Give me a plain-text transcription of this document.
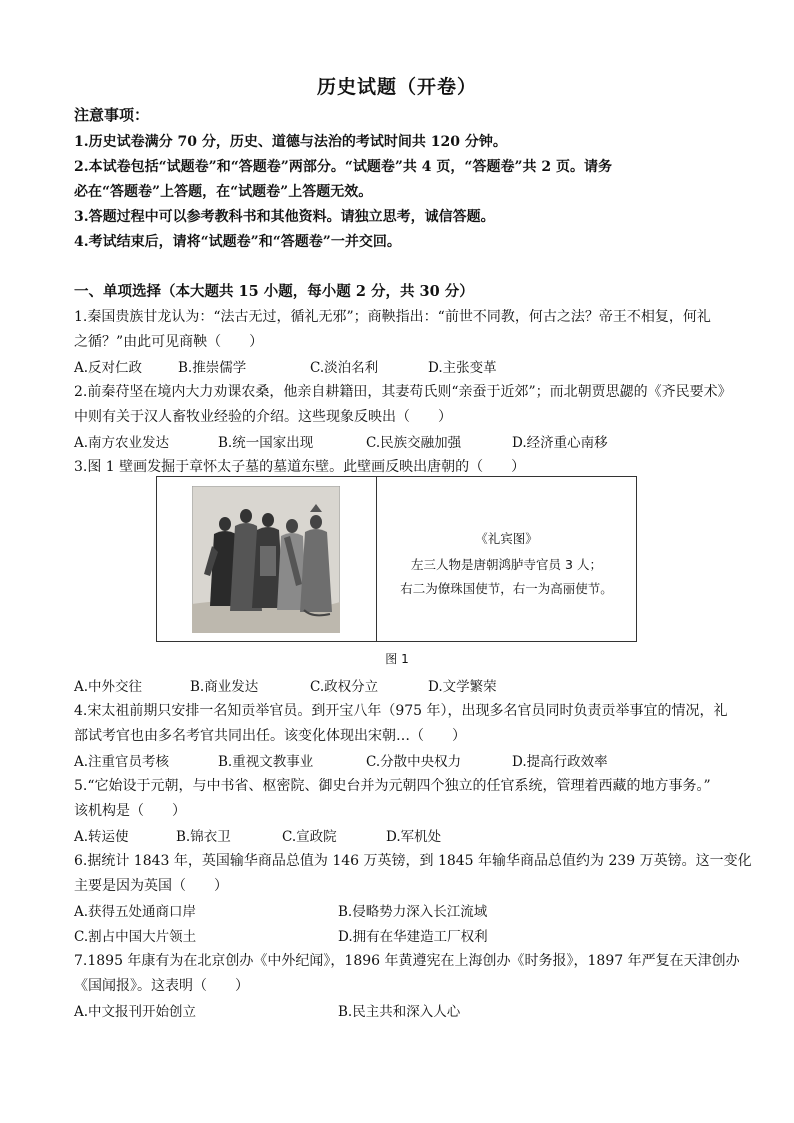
历史试题（开卷）
注意事项：
1.历史试卷满分 70 分，历史、道德与法治的考试时间共 120 分钟。
2.本试卷包括“试题卷”和“答题卷”两部分。“试题卷”共 4 页，“答题卷”共 2 页。请务
必在“答题卷”上答题，在“试题卷”上答题无效。
3.答题过程中可以参考教科书和其他资料。请独立思考，诚信答题。
4.考试结束后，请将“试题卷”和“答题卷”一并交回。
一、单项选择（本大题共 15 小题，每小题 2 分，共 30 分）
1.秦国贵族甘龙认为：“法古无过，循礼无邪”；商鞅指出：“前世不同教，何古之法？帝王不相复，何礼
之循？”由此可见商鞅（　　）
A.反对仁政	B.推崇儒学	C.淡泊名利	D.主张变革
2.前秦苻坚在境内大力劝课农桑，他亲自耕籍田，其妻苟氏则“亲蚕于近郊”；而北朝贾思勰的《齐民要术》
中则有关于汉人畜牧业经验的介绍。这些现象反映出（　　）
A.南方农业发达	B.统一国家出现	C.民族交融加强	D.经济重心南移
3.图 1 壁画发掘于章怀太子墓的墓道东壁。此壁画反映出唐朝的（　　）
《礼宾图》
左三人物是唐朝鸿胪寺官员 3 人；
右二为僚珠国使节，右一为高丽使节。
图 1
A.中外交往	B.商业发达	C.政权分立	D.文学繁荣
4.宋太祖前期只安排一名知贡举官员。到开宝八年（975 年），出现多名官员同时负责贡举事宜的情况，礼
部试考官也由多名考官共同出任。该变化体现出宋朝…（　　）
A.注重官员考核	B.重视文教事业	C.分散中央权力	D.提高行政效率
5.“它始设于元朝，与中书省、枢密院、御史台并为元朝四个独立的任官系统，管理着西藏的地方事务。”
该机构是（　　）
A.转运使	B.锦衣卫	C.宣政院	D.军机处
6.据统计 1843 年，英国输华商品总值为 146 万英镑，到 1845 年输华商品总值约为 239 万英镑。这一变化
主要是因为英国（　　）
A.获得五处通商口岸	B.侵略势力深入长江流域
C.割占中国大片领土	D.拥有在华建造工厂权利
7.1895 年康有为在北京创办《中外纪闻》，1896 年黄遵宪在上海创办《时务报》，1897 年严复在天津创办
《国闻报》。这表明（　　）
A.中文报刊开始创立	B.民主共和深入人心
